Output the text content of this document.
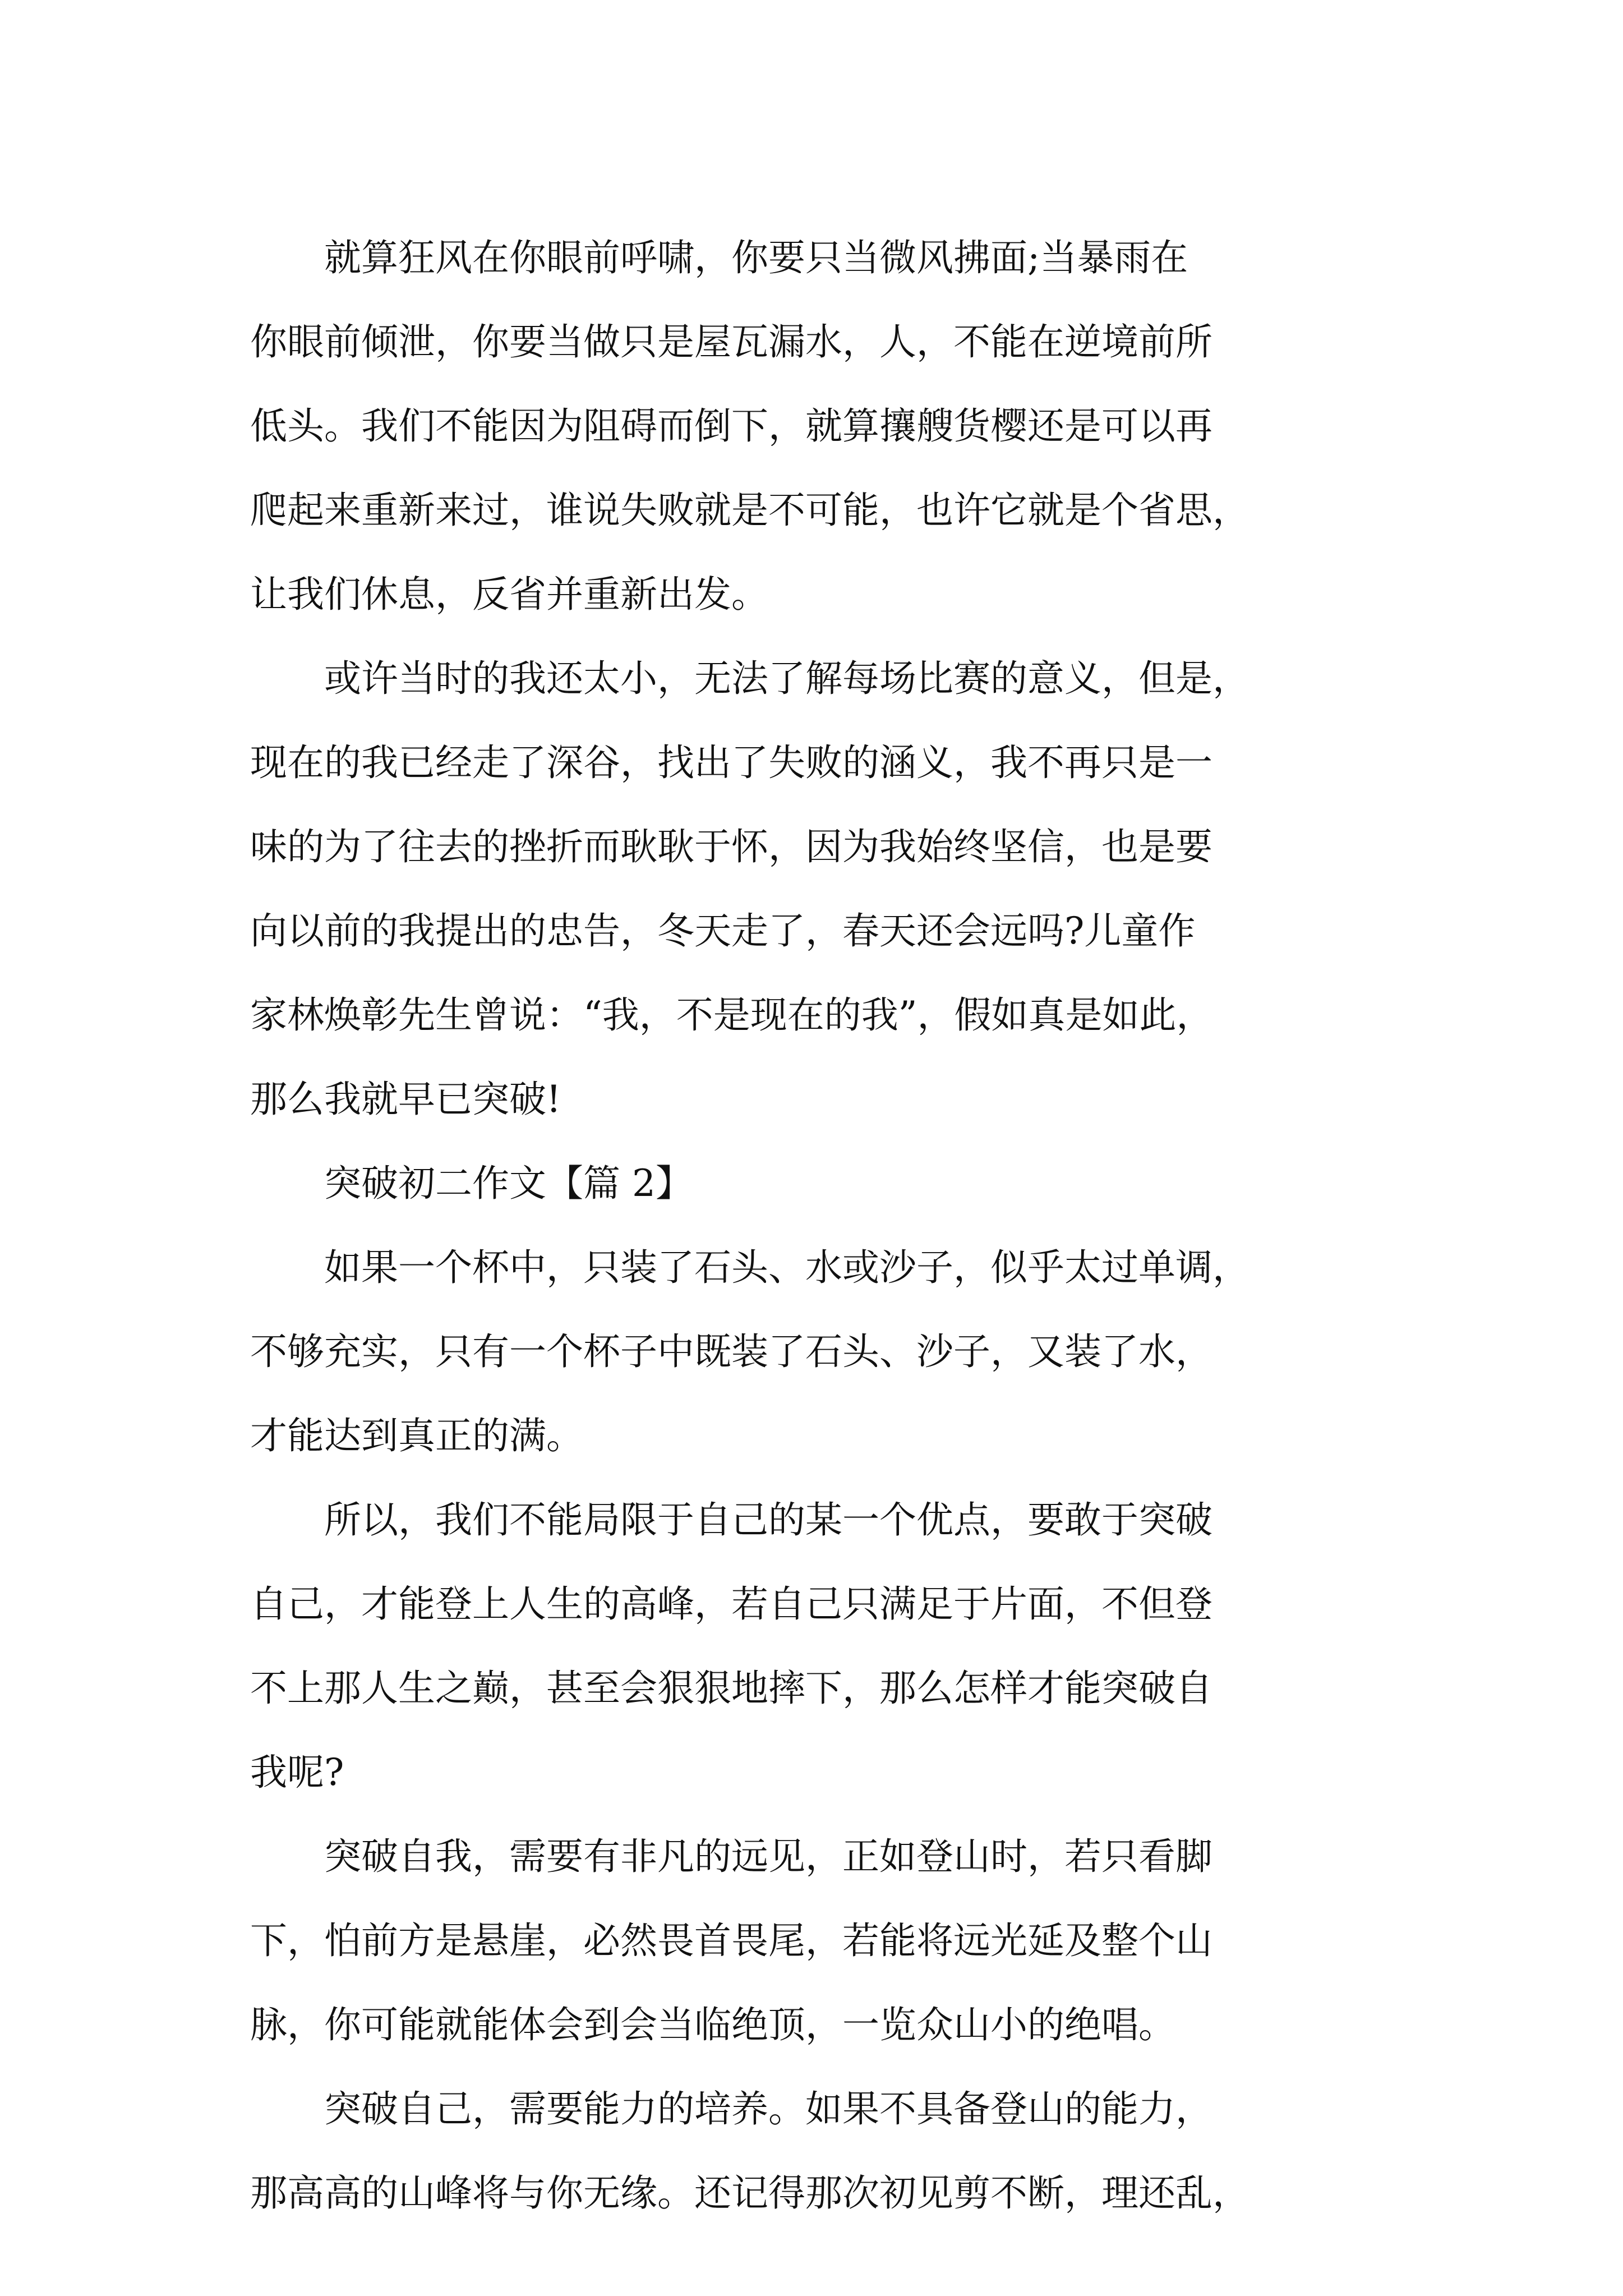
　　就算狂风在你眼前呼啸，你要只当微风拂面;当暴雨在
你眼前倾泄，你要当做只是屋瓦漏水，人，不能在逆境前所
低头。我们不能因为阻碍而倒下，就算攘艘货樱还是可以再
爬起来重新来过，谁说失败就是不可能，也许它就是个省思，
让我们休息，反省并重新出发。
　　或许当时的我还太小，无法了解每场比赛的意义，但是，
现在的我已经走了深谷，找出了失败的涵义，我不再只是一
味的为了往去的挫折而耿耿于怀，因为我始终坚信，也是要
向以前的我提出的忠告，冬天走了，春天还会远吗?儿童作
家林焕彰先生曾说：“我，不是现在的我”，假如真是如此，
那么我就早已突破!
突破初二作文【篇 2】
　　如果一个杯中，只装了石头、水或沙子，似乎太过单调，
不够充实，只有一个杯子中既装了石头、沙子，又装了水，
才能达到真正的满。
　　所以，我们不能局限于自己的某一个优点，要敢于突破
自己，才能登上人生的高峰，若自己只满足于片面，不但登
不上那人生之巅，甚至会狠狠地摔下，那么怎样才能突破自
我呢?
　　突破自我，需要有非凡的远见，正如登山时，若只看脚
下，怕前方是悬崖，必然畏首畏尾，若能将远光延及整个山
脉，你可能就能体会到会当临绝顶，一览众山小的绝唱。
　　突破自己，需要能力的培养。如果不具备登山的能力，
那高高的山峰将与你无缘。还记得那次初见剪不断，理还乱，
